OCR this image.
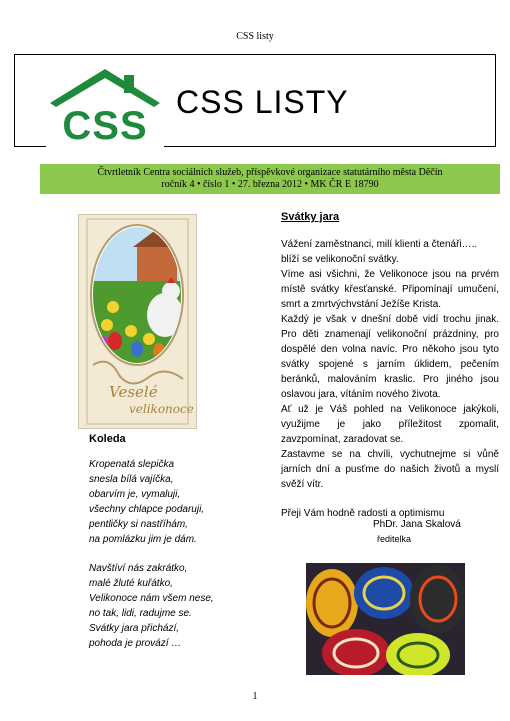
CSS listy
CSS
CSS LISTY
Čtvrtletník Centra sociálních služeb, příspěvkové organizace statutárního města Děčín
ročník 4 • číslo 1 • 27. března 2012 • MK ČR E 18790
Veselé
velikonoce
Koleda
Kropenatá slepička
snesla bílá vajíčka,
obarvím je, vymaluji,
všechny chlapce podaruji,
pentličky si nastříhám,
na pomlázku jim je dám.
Navštíví nás zakrátko,
malé žluté kuřátko,
Velikonoce nám všem nese,
no tak, lidi, radujme se.
Svátky jara přichází,
pohoda je provází …
Svátky jara
Vážení zaměstnanci, milí klienti a čtenáři…..
blíží se velikonoční svátky.
Víme asi všichni, že Velikonoce jsou na prvém místě svátky křesťanské. Připomínají umučení, smrt a zmrtvýchvstání Ježíše Krista.
Každý je však v dnešní době vidí trochu jinak. Pro děti znamenají velikonoční prázdniny, pro dospělé den volna navíc. Pro někoho jsou tyto svátky spojené s jarním úklidem, pečením beránků, malováním kraslic. Pro jiného jsou oslavou jara, vítáním nového života.
Ať už je Váš pohled na Velikonoce jakýkoli, využijme je jako příležitost zpomalit, zavzpomínat, zaradovat se.
Zastavme se na chvíli, vychutnejme si vůně jarních dní a pusťme do našich životů a myslí svěží vítr.
Přeji Vám hodně radosti a optimismu
PhDr. Jana Skalová
ředitelka
1
